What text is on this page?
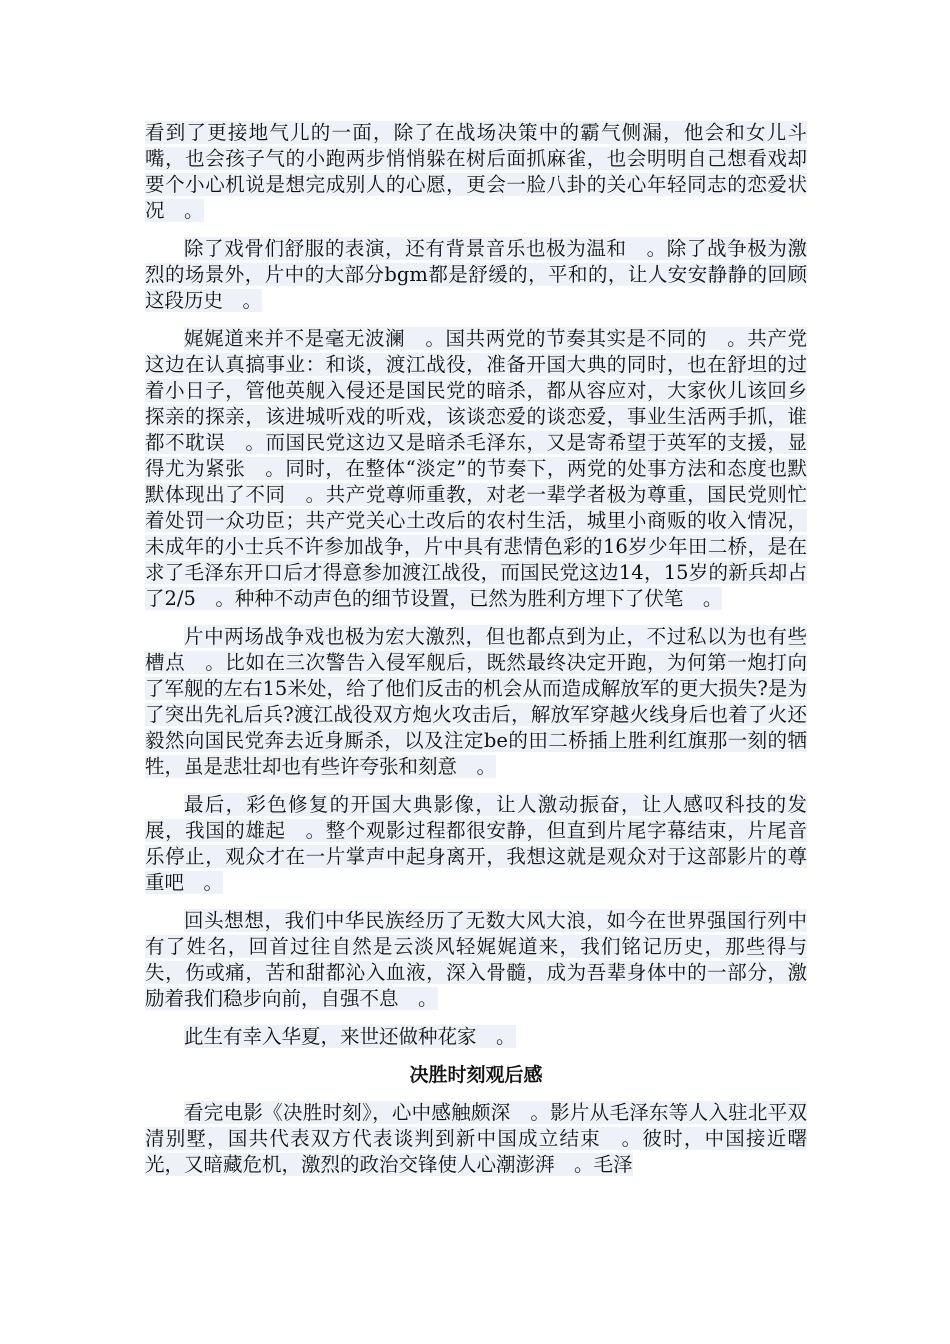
看到了更接地气儿的一面，除了在战场决策中的霸气侧漏，他会和女儿斗嘴，也会孩子气的小跑两步悄悄躲在树后面抓麻雀，也会明明自己想看戏却要个小心机说是想完成别人的心愿，更会一脸八卦的关心年轻同志的恋爱状况　。

除了戏骨们舒服的表演，还有背景音乐也极为温和　。除了战争极为激烈的场景外，片中的大部分bgm都是舒缓的，平和的，让人安安静静的回顾这段历史　。

娓娓道来并不是毫无波澜　。国共两党的节奏其实是不同的　。共产党这边在认真搞事业：和谈，渡江战役，准备开国大典的同时，也在舒坦的过着小日子，管他英舰入侵还是国民党的暗杀，都从容应对，大家伙儿该回乡探亲的探亲，该进城听戏的听戏，该谈恋爱的谈恋爱，事业生活两手抓，谁都不耽误　。而国民党这边又是暗杀毛泽东，又是寄希望于英军的支援，显得尤为紧张　。同时，在整体“淡定”的节奏下，两党的处事方法和态度也默默体现出了不同　。共产党尊师重教，对老一辈学者极为尊重，国民党则忙着处罚一众功臣；共产党关心土改后的农村生活，城里小商贩的收入情况，未成年的小士兵不许参加战争，片中具有悲情色彩的16岁少年田二桥，是在求了毛泽东开口后才得意参加渡江战役，而国民党这边14，15岁的新兵却占了2/5　。种种不动声色的细节设置，已然为胜利方埋下了伏笔　。

片中两场战争戏也极为宏大激烈，但也都点到为止，不过私以为也有些槽点　。比如在三次警告入侵军舰后，既然最终决定开跑，为何第一炮打向了军舰的左右15米处，给了他们反击的机会从而造成解放军的更大损失?是为了突出先礼后兵?渡江战役双方炮火攻击后，解放军穿越火线身后也着了火还毅然向国民党奔去近身厮杀，以及注定be的田二桥插上胜利红旗那一刻的牺牲，虽是悲壮却也有些许夸张和刻意　。

最后，彩色修复的开国大典影像，让人激动振奋，让人感叹科技的发展，我国的雄起　。整个观影过程都很安静，但直到片尾字幕结束，片尾音乐停止，观众才在一片掌声中起身离开，我想这就是观众对于这部影片的尊重吧　。

回头想想，我们中华民族经历了无数大风大浪，如今在世界强国行列中有了姓名，回首过往自然是云淡风轻娓娓道来，我们铭记历史，那些得与失，伤或痛，苦和甜都沁入血液，深入骨髓，成为吾辈身体中的一部分，激励着我们稳步向前，自强不息　。

此生有幸入华夏，来世还做种花家　。

决胜时刻观后感

看完电影《决胜时刻》，心中感触颇深　。影片从毛泽东等人入驻北平双清别墅，国共代表双方代表谈判到新中国成立结束　。彼时，中国接近曙光，又暗藏危机，激烈的政治交锋使人心潮澎湃　。毛泽
